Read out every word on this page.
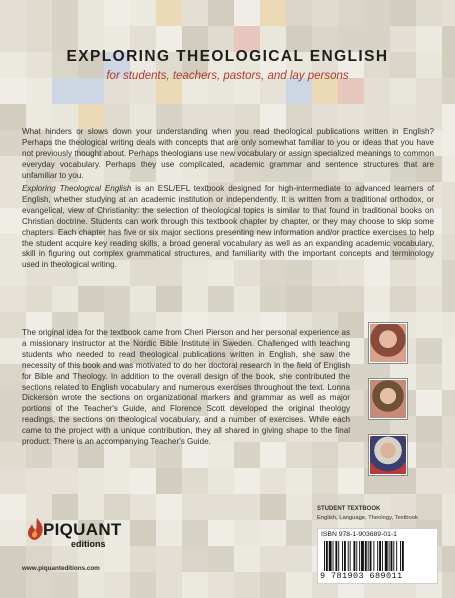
EXPLORING THEOLOGICAL ENGLISH

for students, teachers, pastors, and lay persons

What hinders or slows down your understanding when you read theological publications written in English? Perhaps the theological writing deals with concepts that are only somewhat familiar to you or ideas that you have not previously thought about. Perhaps theologians use new vocabulary or assign specialized meanings to common everyday vocabulary. Perhaps they use complicated, academic grammar and sentence structures that are unfamiliar to you.

Exploring Theological English is an ESL/EFL textbook designed for high-intermediate to advanced learners of English, whether studying at an academic institution or independently. It is written from a traditional orthodox, or evangelical, view of Christianity: the selection of theological topics is similar to that found in traditional books on Christian doctrine. Students can work through this textbook chapter by chapter, or they may choose to skip some chapters. Each chapter has five or six major sections presenting new information and/or practice exercises to help the student acquire key reading skills, a broad general vocabulary as well as an expanding academic vocabulary, skill in figuring out complex grammatical structures, and familiarity with the important concepts and terminology used in theological writing.

The original idea for the textbook came from Cheri Pierson and her personal experience as a missionary instructor at the Nordic Bible Institute in Sweden. Challenged with teaching students who needed to read theological publications written in English, she saw the necessity of this book and was motivated to do her doctoral research in the field of English for Bible and Theology. In addition to the overall design of the book, she contributed the sections related to English vocabulary and numerous exercises throughout the text. Lonna Dickerson wrote the sections on organizational markers and grammar as well as major portions of the Teacher's Guide, and Florence Scott developed the original theology readings, the sections on theological vocabulary, and a number of exercises. While each came to the project with a unique contribution, they all shared in giving shape to the final product. There is an accompanying Teacher's Guide.

PIQUANT

editions

www.piquanteditions.com

STUDENT TEXTBOOK

English, Language, Theology, Textbook

ISBN 978-1-903689-01-1

9 781903 689011
